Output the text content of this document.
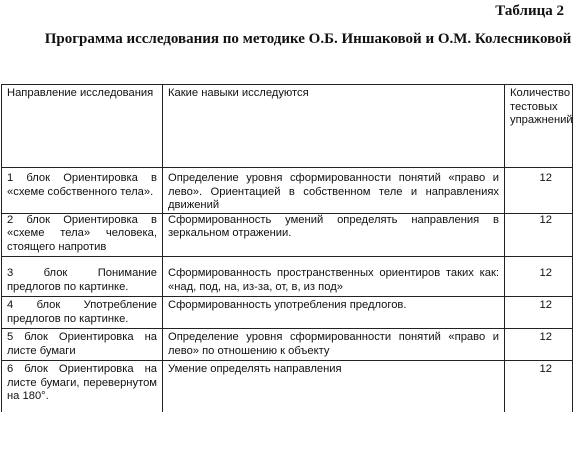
Таблица 2
Программа исследования по методике О.Б. Иншаковой и О.М. Колесниковой
Направление исследования	Какие навыки исследуются	Количество тестовых упражнений
1 блок Ориентировка в «схеме собственного тела».	Определение уровня сформированности понятий «право и лево». Ориентацией в собственном теле и направлениях движений	12
2 блок Ориентировка в «схеме тела» человека, стоящего напротив	Сформированность умений определять направления в зеркальном отражении.	12
3 блок Понимание предлогов по картинке.	Сформированность пространственных ориентиров таких как: «над, под, на, из-за, от, в, из под»	12
4 блок Употребление предлогов по картинке.	Сформированность употребления предлогов.	12
5 блок Ориентировка на листе бумаги	Определение уровня сформированности понятий «право и лево» по отношению к объекту	12
6 блок Ориентировка на листе бумаги, перевернутом на 180°.	Умение определять направления	12
